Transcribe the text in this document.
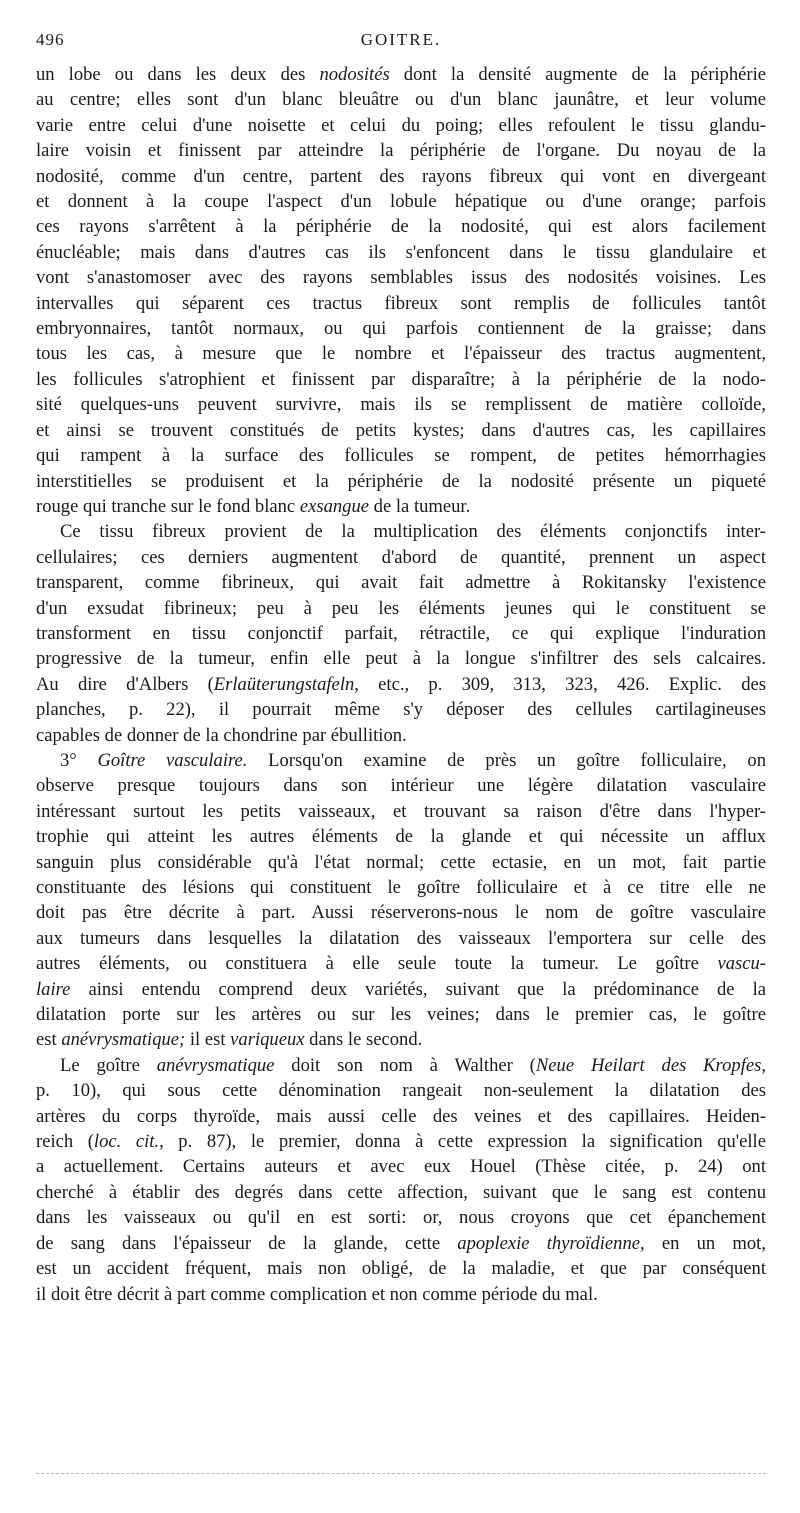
496	GOITRE.
un lobe ou dans les deux des nodosités dont la densité augmente de la périphérie
au centre; elles sont d'un blanc bleuâtre ou d'un blanc jaunâtre, et leur volume
varie entre celui d'une noisette et celui du poing; elles refoulent le tissu glandu-
laire voisin et finissent par atteindre la périphérie de l'organe. Du noyau de la
nodosité, comme d'un centre, partent des rayons fibreux qui vont en divergeant
et donnent à la coupe l'aspect d'un lobule hépatique ou d'une orange; parfois
ces rayons s'arrêtent à la périphérie de la nodosité, qui est alors facilement
énucléable; mais dans d'autres cas ils s'enfoncent dans le tissu glandulaire et
vont s'anastomoser avec des rayons semblables issus des nodosités voisines. Les
intervalles qui séparent ces tractus fibreux sont remplis de follicules tantôt
embryonnaires, tantôt normaux, ou qui parfois contiennent de la graisse; dans
tous les cas, à mesure que le nombre et l'épaisseur des tractus augmentent,
les follicules s'atrophient et finissent par disparaître; à la périphérie de la nodo-
sité quelques-uns peuvent survivre, mais ils se remplissent de matière colloïde,
et ainsi se trouvent constitués de petits kystes; dans d'autres cas, les capillaires
qui rampent à la surface des follicules se rompent, de petites hémorrhagies
interstitielles se produisent et la périphérie de la nodosité présente un piqueté
rouge qui tranche sur le fond blanc exsangue de la tumeur.
Ce tissu fibreux provient de la multiplication des éléments conjonctifs inter-
cellulaires; ces derniers augmentent d'abord de quantité, prennent un aspect
transparent, comme fibrineux, qui avait fait admettre à Rokitansky l'existence
d'un exsudat fibrineux; peu à peu les éléments jeunes qui le constituent se
transforment en tissu conjonctif parfait, rétractile, ce qui explique l'induration
progressive de la tumeur, enfin elle peut à la longue s'infiltrer des sels calcaires.
Au dire d'Albers (Erlaüterungstafeln, etc., p. 309, 313, 323, 426. Explic. des
planches, p. 22), il pourrait même s'y déposer des cellules cartilagineuses
capables de donner de la chondrine par ébullition.
3° Goître vasculaire. Lorsqu'on examine de près un goître folliculaire, on
observe presque toujours dans son intérieur une légère dilatation vasculaire
intéressant surtout les petits vaisseaux, et trouvant sa raison d'être dans l'hyper-
trophie qui atteint les autres éléments de la glande et qui nécessite un afflux
sanguin plus considérable qu'à l'état normal; cette ectasie, en un mot, fait partie
constituante des lésions qui constituent le goître folliculaire et à ce titre elle ne
doit pas être décrite à part. Aussi réserverons-nous le nom de goître vasculaire
aux tumeurs dans lesquelles la dilatation des vaisseaux l'emportera sur celle des
autres éléments, ou constituera à elle seule toute la tumeur. Le goître vascu-
laire ainsi entendu comprend deux variétés, suivant que la prédominance de la
dilatation porte sur les artères ou sur les veines; dans le premier cas, le goître
est anévrysmatique; il est variqueux dans le second.
Le goître anévrysmatique doit son nom à Walther (Neue Heilart des Kropfes,
p. 10), qui sous cette dénomination rangeait non-seulement la dilatation des
artères du corps thyroïde, mais aussi celle des veines et des capillaires. Heiden-
reich (loc. cit., p. 87), le premier, donna à cette expression la signification qu'elle
a actuellement. Certains auteurs et avec eux Houel (Thèse citée, p. 24) ont
cherché à établir des degrés dans cette affection, suivant que le sang est contenu
dans les vaisseaux ou qu'il en est sorti: or, nous croyons que cet épanchement
de sang dans l'épaisseur de la glande, cette apoplexie thyroïdienne, en un mot,
est un accident fréquent, mais non obligé, de la maladie, et que par conséquent
il doit être décrit à part comme complication et non comme période du mal.
